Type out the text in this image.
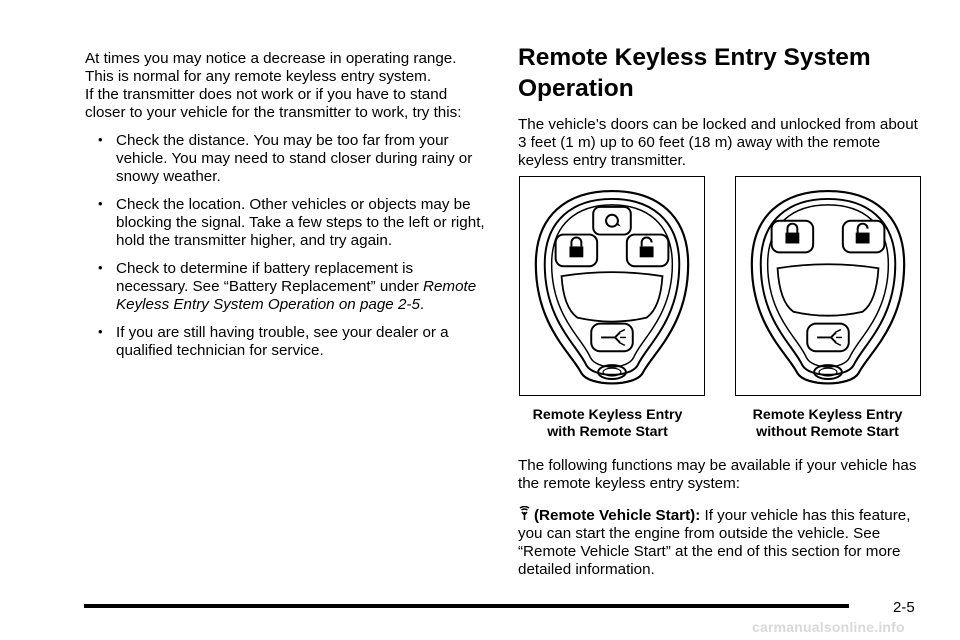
At times you may notice a decrease in operating range. This is normal for any remote keyless entry system.

If the transmitter does not work or if you have to stand closer to your vehicle for the transmitter to work, try this:

• Check the distance. You may be too far from your vehicle. You may need to stand closer during rainy or snowy weather.
• Check the location. Other vehicles or objects may be blocking the signal. Take a few steps to the left or right, hold the transmitter higher, and try again.
• Check to determine if battery replacement is necessary. See “Battery Replacement” under Remote Keyless Entry System Operation on page 2-5.
• If you are still having trouble, see your dealer or a qualified technician for service.
Remote Keyless Entry System Operation

The vehicle’s doors can be locked and unlocked from about 3 feet (1 m) up to 60 feet (18 m) away with the remote keyless entry transmitter.

Remote Keyless Entry
with Remote Start
Remote Keyless Entry
without Remote Start

The following functions may be available if your vehicle has the remote keyless entry system:

(Remote Vehicle Start): If your vehicle has this feature, you can start the engine from outside the vehicle. See “Remote Vehicle Start” at the end of this section for more detailed information.

2-5
carmanualsonline.info
